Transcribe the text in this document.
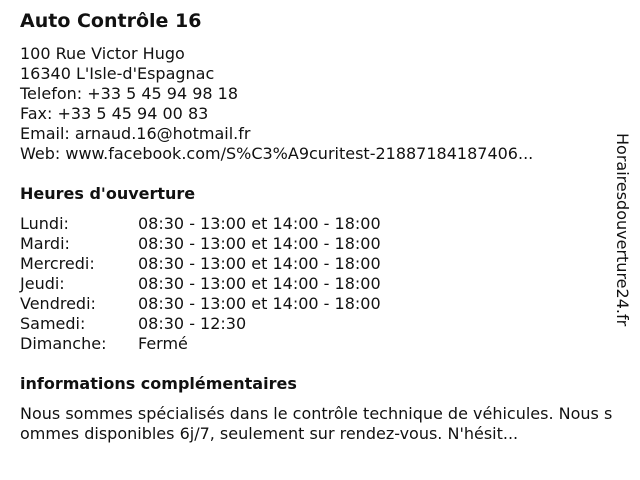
Auto Contrôle 16
100 Rue Victor Hugo
16340 L'Isle-d'Espagnac
Telefon: +33 5 45 94 98 18
Fax: +33 5 45 94 00 83
Email: arnaud.16@hotmail.fr
Web: www.facebook.com/S%C3%A9curitest-21887184187406...
Heures d'ouverture
Lundi:	08:30 - 13:00 et 14:00 - 18:00
Mardi:	08:30 - 13:00 et 14:00 - 18:00
Mercredi:	08:30 - 13:00 et 14:00 - 18:00
Jeudi:	08:30 - 13:00 et 14:00 - 18:00
Vendredi:	08:30 - 13:00 et 14:00 - 18:00
Samedi:	08:30 - 12:30
Dimanche:	Fermé
informations complémentaires
Nous sommes spécialisés dans le contrôle technique de véhicules. Nous sommes disponibles 6j/7, seulement sur rendez-vous. N'hésit...
Horairesdouverture24.fr
